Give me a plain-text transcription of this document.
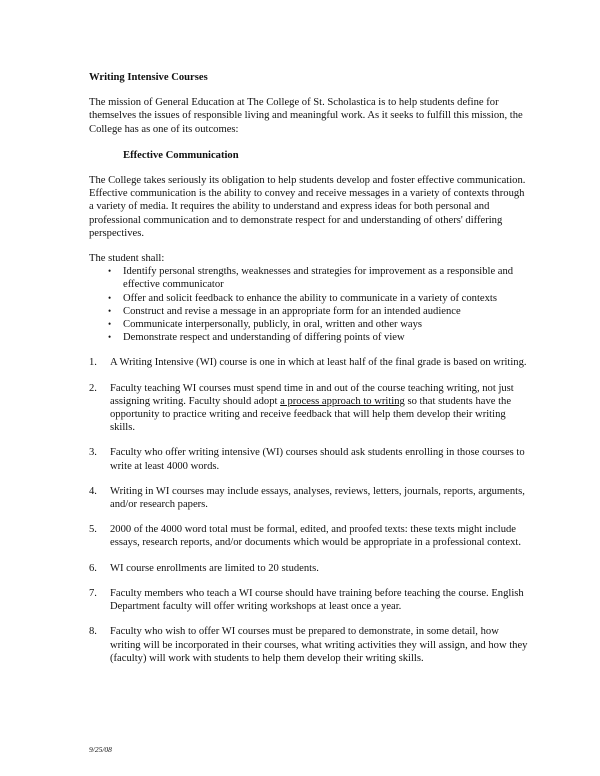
Writing Intensive Courses

The mission of General Education at The College of St. Scholastica is to help students define for themselves the issues of responsible living and meaningful work. As it seeks to fulfill this mission, the College has as one of its outcomes:

Effective Communication

The College takes seriously its obligation to help students develop and foster effective communication. Effective communication is the ability to convey and receive messages in a variety of contexts through a variety of media. It requires the ability to understand and express ideas for both personal and professional communication and to demonstrate respect for and understanding of others' differing perspectives.

The student shall:

• Identify personal strengths, weaknesses and strategies for improvement as a responsible and effective communicator
• Offer and solicit feedback to enhance the ability to communicate in a variety of contexts
• Construct and revise a message in an appropriate form for an intended audience
• Communicate interpersonally, publicly, in oral, written and other ways
• Demonstrate respect and understanding of differing points of view
1. A Writing Intensive (WI) course is one in which at least half of the final grade is based on writing.
2. Faculty teaching WI courses must spend time in and out of the course teaching writing, not just assigning writing. Faculty should adopt a process approach to writing so that students have the opportunity to practice writing and receive feedback that will help them develop their writing skills.
3. Faculty who offer writing intensive (WI) courses should ask students enrolling in those courses to write at least 4000 words.
4. Writing in WI courses may include essays, analyses, reviews, letters, journals, reports, arguments, and/or research papers.
5. 2000 of the 4000 word total must be formal, edited, and proofed texts: these texts might include essays, research reports, and/or documents which would be appropriate in a professional context.
6. WI course enrollments are limited to 20 students.
7. Faculty members who teach a WI course should have training before teaching the course. English Department faculty will offer writing workshops at least once a year.
8. Faculty who wish to offer WI courses must be prepared to demonstrate, in some detail, how writing will be incorporated in their courses, what writing activities they will assign, and how they (faculty) will work with students to help them develop their writing skills.
9/25/08
